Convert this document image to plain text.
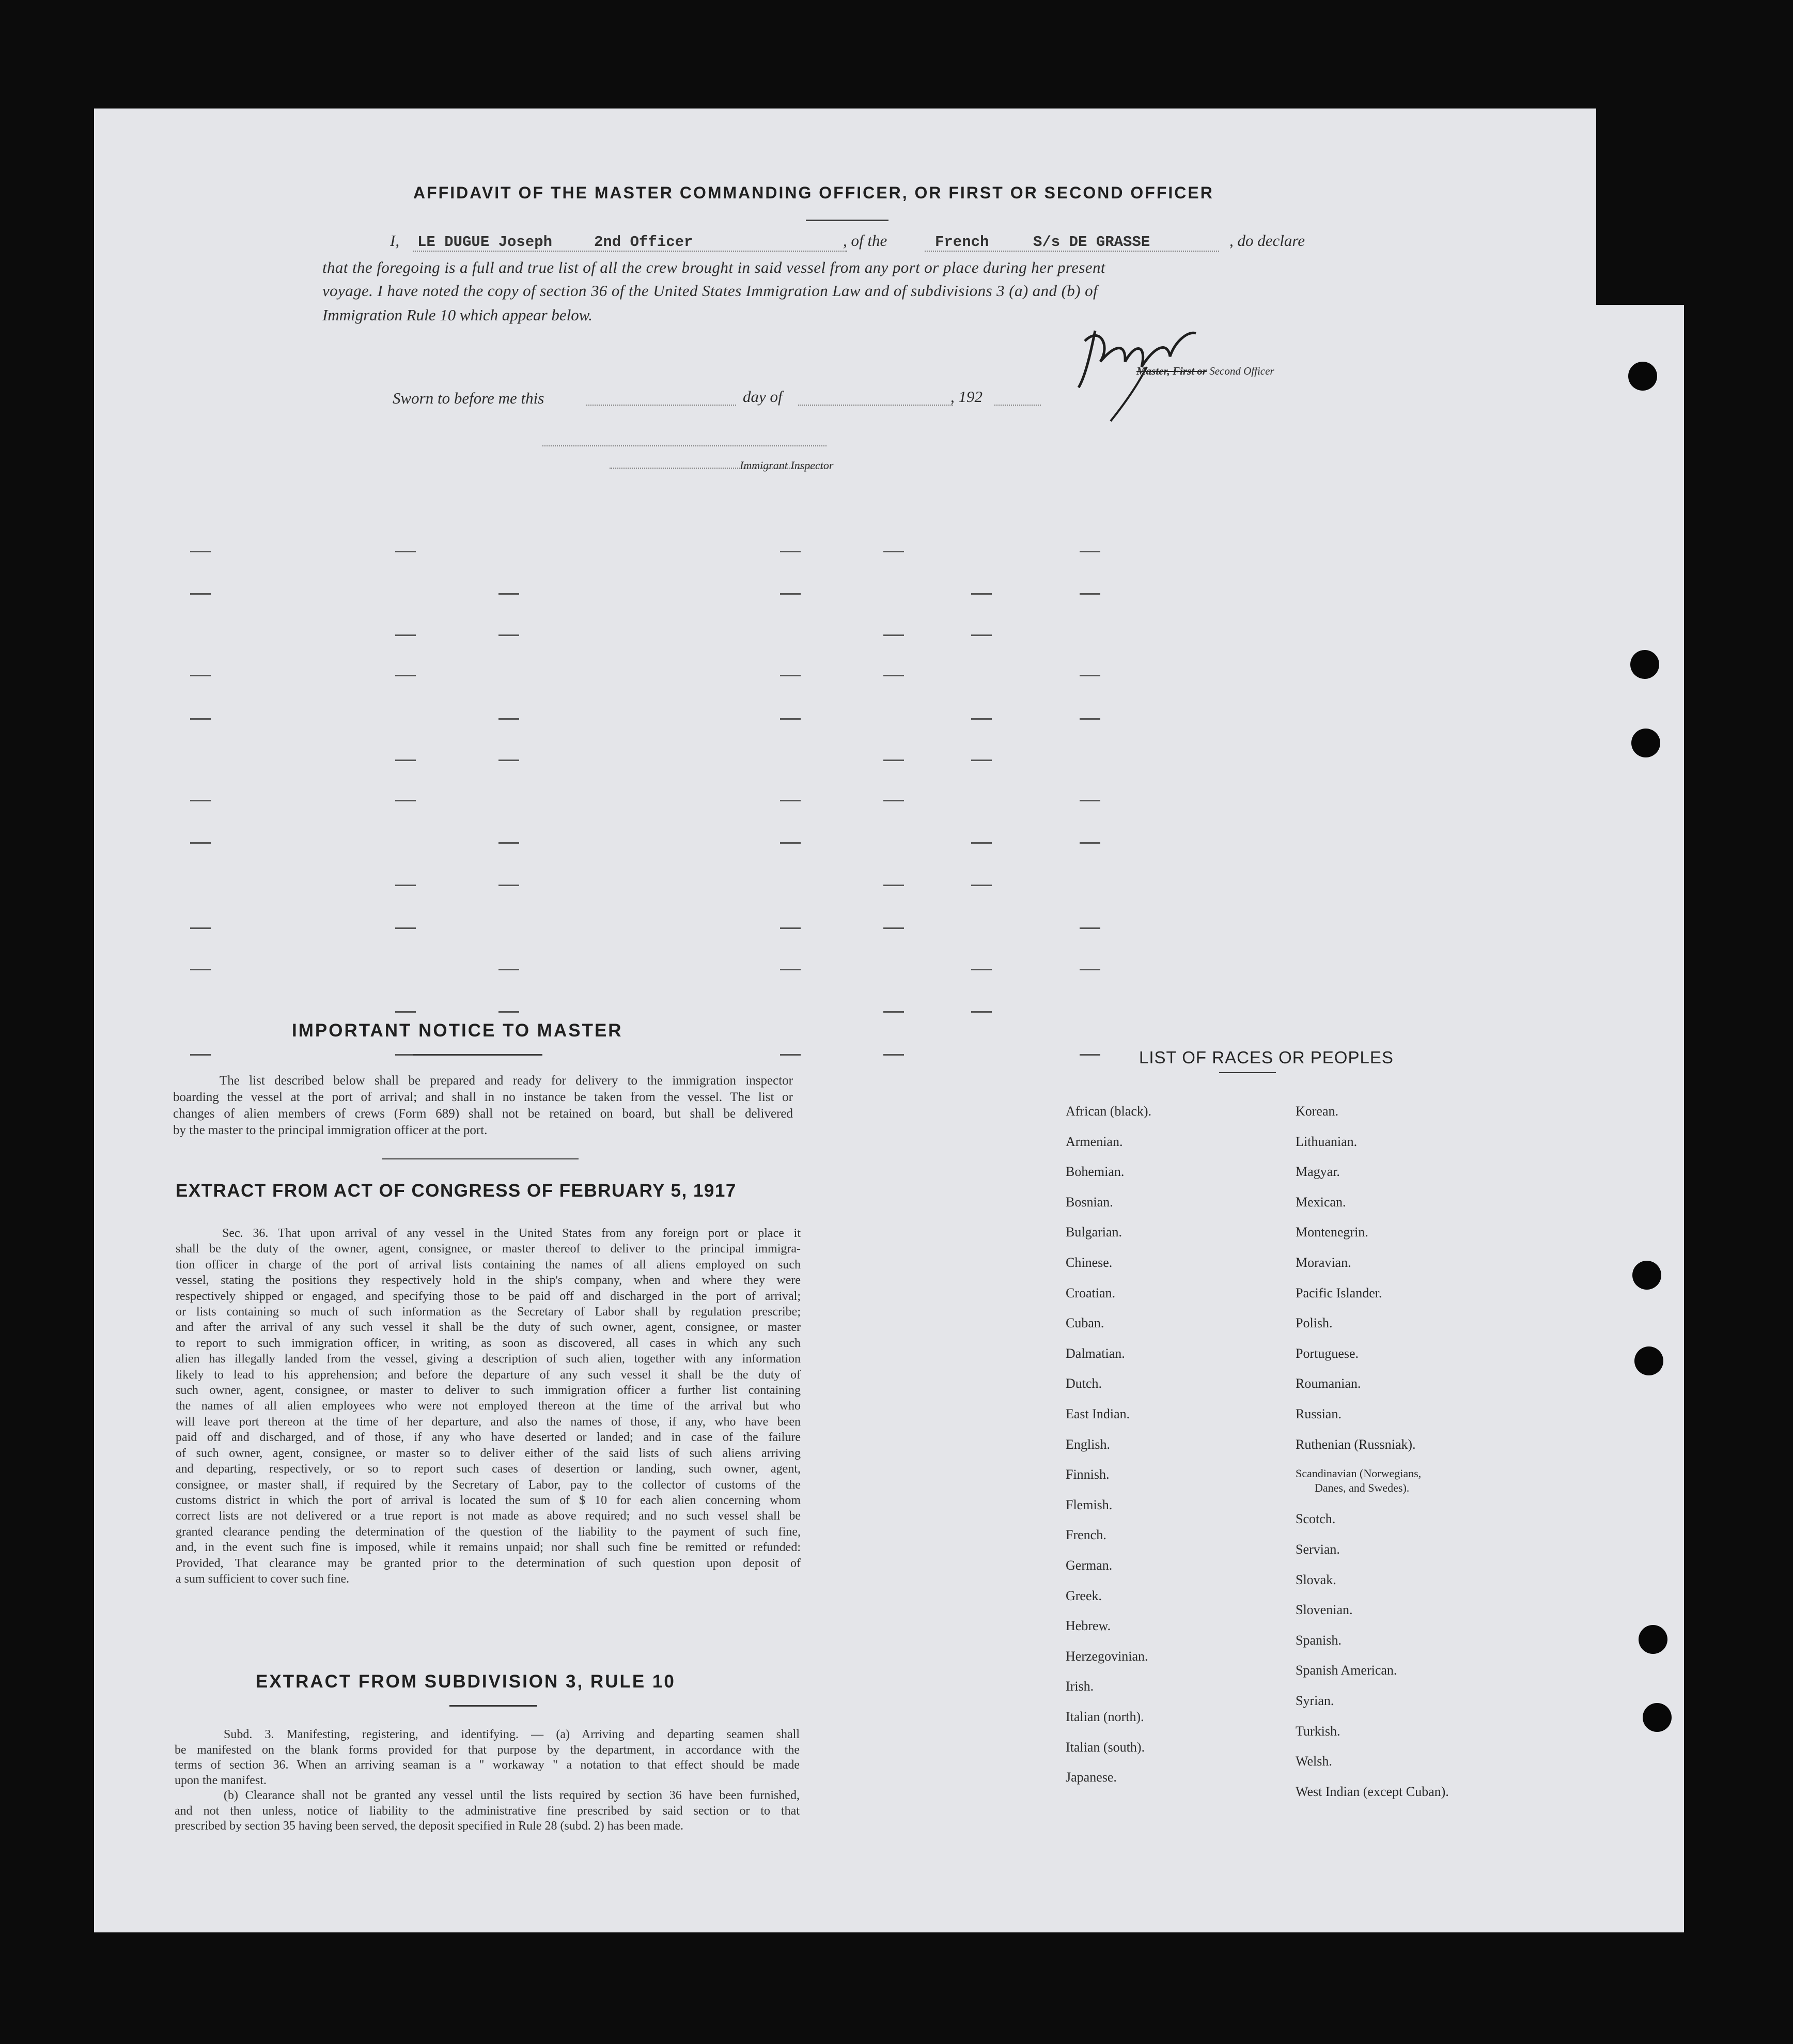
AFFIDAVIT OF THE MASTER COMMANDING OFFICER, OR FIRST OR SECOND OFFICER
I, LE DUGUE Joseph	2nd Officer	, of the	French	S/s DE GRASSE	, do declare
that the foregoing is a full and true list of all the crew brought in said vessel from any port or place during her present
voyage. I have noted the copy of section 36 of the United States Immigration Law and of subdivisions 3 (a) and (b) of
Immigration Rule 10 which appear below.
Master, First or Second Officer
Sworn to before me this	day of	, 192
Immigrant Inspector
IMPORTANT NOTICE TO MASTER

The list described below shall be prepared and ready for delivery to the immigration inspector

boarding the vessel at the port of arrival; and shall in no instance be taken from the vessel. The list or

changes of alien members of crews (Form 689) shall not be retained on board, but shall be delivered

by the master to the principal immigration officer at the port.

EXTRACT FROM ACT OF CONGRESS OF FEBRUARY 5, 1917

Sec. 36. That upon arrival of any vessel in the United States from any foreign port or place it

shall be the duty of the owner, agent, consignee, or master thereof to deliver to the principal immigra-

tion officer in charge of the port of arrival lists containing the names of all aliens employed on such

vessel, stating the positions they respectively hold in the ship's company, when and where they were

respectively shipped or engaged, and specifying those to be paid off and discharged in the port of arrival;

or lists containing so much of such information as the Secretary of Labor shall by regulation prescribe;

and after the arrival of any such vessel it shall be the duty of such owner, agent, consignee, or master

to report to such immigration officer, in writing, as soon as discovered, all cases in which any such

alien has illegally landed from the vessel, giving a description of such alien, together with any information

likely to lead to his apprehension; and before the departure of any such vessel it shall be the duty of

such owner, agent, consignee, or master to deliver to such immigration officer a further list containing

the names of all alien employees who were not employed thereon at the time of the arrival but who

will leave port thereon at the time of her departure, and also the names of those, if any, who have been

paid off and discharged, and of those, if any who have deserted or landed; and in case of the failure

of such owner, agent, consignee, or master so to deliver either of the said lists of such aliens arriving

and departing, respectively, or so to report such cases of desertion or landing, such owner, agent,

consignee, or master shall, if required by the Secretary of Labor, pay to the collector of customs of the

customs district in which the port of arrival is located the sum of $ 10 for each alien concerning whom

correct lists are not delivered or a true report is not made as above required; and no such vessel shall be

granted clearance pending the determination of the question of the liability to the payment of such fine,

and, in the event such fine is imposed, while it remains unpaid; nor shall such fine be remitted or refunded:

Provided, That clearance may be granted prior to the determination of such question upon deposit of

a sum sufficient to cover such fine.

EXTRACT FROM SUBDIVISION 3, RULE 10

Subd. 3. Manifesting, registering, and identifying. — (a) Arriving and departing seamen shall

be manifested on the blank forms provided for that purpose by the department, in accordance with the

terms of section 36. When an arriving seaman is a " workaway " a notation to that effect should be made

upon the manifest.

(b) Clearance shall not be granted any vessel until the lists required by section 36 have been furnished,

and not then unless, notice of liability to the administrative fine prescribed by said section or to that

prescribed by section 35 having been served, the deposit specified in Rule 28 (subd. 2) has been made.

LIST OF RACES OR PEOPLES
African (black).
Armenian.
Bohemian.
Bosnian.
Bulgarian.
Chinese.
Croatian.
Cuban.
Dalmatian.
Dutch.
East Indian.
English.
Finnish.
Flemish.
French.
German.
Greek.
Hebrew.
Herzegovinian.
Irish.
Italian (north).
Italian (south).
Japanese.
Korean.
Lithuanian.
Magyar.
Mexican.
Montenegrin.
Moravian.
Pacific Islander.
Polish.
Portuguese.
Roumanian.
Russian.
Ruthenian (Russniak).
Scandinavian (Norwegians,
Danes, and Swedes).
Scotch.
Servian.
Slovak.
Slovenian.
Spanish.
Spanish American.
Syrian.
Turkish.
Welsh.
West Indian (except Cuban).
